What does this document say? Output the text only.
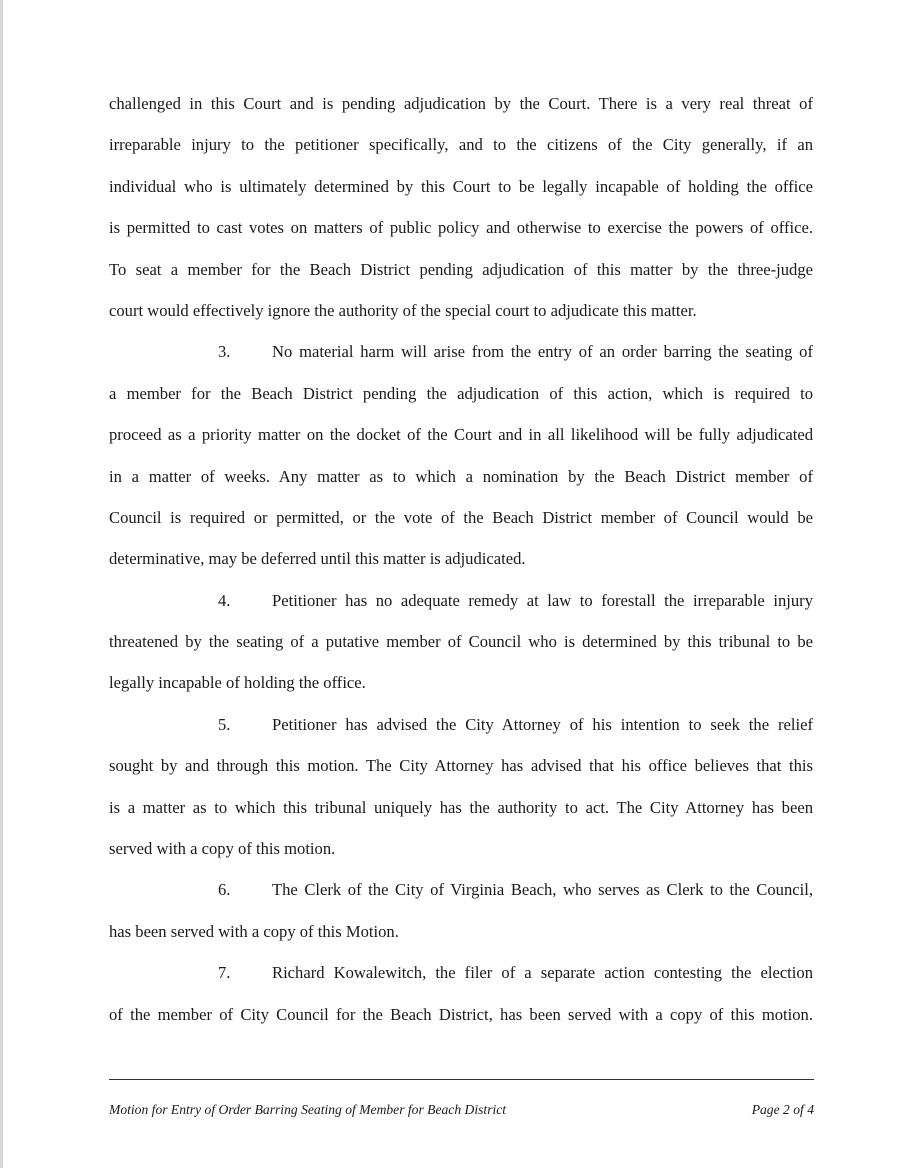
challenged in this Court and is pending adjudication by the Court. There is a very real threat of
irreparable injury to the petitioner specifically, and to the citizens of the City generally, if an
individual who is ultimately determined by this Court to be legally incapable of holding the office
is permitted to cast votes on matters of public policy and otherwise to exercise the powers of office.
To seat a member for the Beach District pending adjudication of this matter by the three-judge
court would effectively ignore the authority of the special court to adjudicate this matter.
3.	No material harm will arise from the entry of an order barring the seating of
a member for the Beach District pending the adjudication of this action, which is required to
proceed as a priority matter on the docket of the Court and in all likelihood will be fully adjudicated
in a matter of weeks. Any matter as to which a nomination by the Beach District member of
Council is required or permitted, or the vote of the Beach District member of Council would be
determinative, may be deferred until this matter is adjudicated.
4.	Petitioner has no adequate remedy at law to forestall the irreparable injury
threatened by the seating of a putative member of Council who is determined by this tribunal to be
legally incapable of holding the office.
5.	Petitioner has advised the City Attorney of his intention to seek the relief
sought by and through this motion. The City Attorney has advised that his office believes that this
is a matter as to which this tribunal uniquely has the authority to act. The City Attorney has been
served with a copy of this motion.
6.	The Clerk of the City of Virginia Beach, who serves as Clerk to the Council,
has been served with a copy of this Motion.
7.	Richard Kowalewitch, the filer of a separate action contesting the election
of the member of City Council for the Beach District, has been served with a copy of this motion.
Motion for Entry of Order Barring Seating of Member for Beach District	Page 2 of 4
